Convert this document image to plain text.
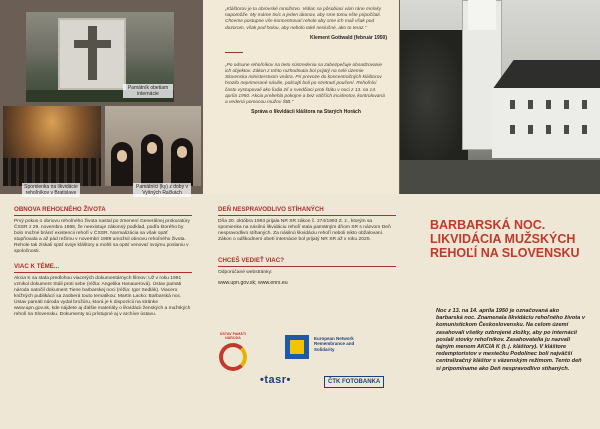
Pamätník obetiam internácie
Spomienka na likvidácie rehoľníkov v Bratislave
Pamätníci (ky) z doby v Vyšných Račkách

„Kláštorov je tu obrovské množstvo. Vidiac sa pôsobiaci vám ráne mnísky napomôže. My máme tisíc a jeden úkonov, aby sme tomu ešte pripočítali. Chceme postupne vše koncentrovať rehole aby sme ich mali však pod dozorom, však pod holou, aby nebolo také neslušné, ako to teraz.“

Klement Gottwald (február 1950)

„Po odsune rehoľníkov na tieto sústredenia sa zabezpečuje obsadzovanie ich objektov. Zákon z tohto rozhodnutia bol prijatý na celé územie Slovenska ministerstvom vnútra. Pri prevoze do koncentračných kláštorov hrozilo neprimerané násilie, policajti boli po stretnutí poučení. Rehoľníci často vystupovali ako ľudia zlí a svedčiaci proti štátu v noci z 13. na 14. apríla 1950. Akcia prebehla pokojne a bez väčších incidentov, kontrolovaná a vedená pomocou mužov ŠtB.“

Správa o likvidácii kláštora na Starých Horách

OBNOVA REHOĽNÉHO ŽIVOTA

Prvý pokus o obnovu rehoľného života nastal po zmenení Generálnej prokuratúry ČSSR z 29. novembra 1968, že neexistuje zákonný podklad, podľa ktorého by bolo možné brániť existencii rehoľí v ČSSR. Normalizácia sa však opäť stupňovala a až pád režimu v novembri 1989 umožnil obnovu rehoľného života. Rehole tak získali späť svoje kláštory a mohli sa opäť venovať svojmu poslaniu v spoločnosti.

VIAC K TÉME...

Akcia K sa stala predlohou viacerých dokumentárnych filmov: Už v roku 1991 vznikol dokument Stáli proti sebe (réžia: Angelika Hanauerová). Ústav pamäti národa natočil dokument Tiene barbarskej noci (réžia: Igor Sedlák). Viacero knižných publikácií sa zaoberá touto tematikou: Martin Lacko: Barbarská noc. Ústav pamäti národa vydal brožúru, ktorá je k dispozícii na stránke www.upn.gov.sk, kde nájdete aj ďalšie materiály o likvidácii ženských a mužských reholí na Slovensku. Dokumenty sú prístupné aj v archíve ústavu.

DEŇ NESPRAVODLIVO STÍHANÝCH

Dňa 20. októbra 1993 prijala NR SR zákon č. 274/1993 Z. z., ktorým sa spomienka na násilnú likvidáciu rehoľí stala pamätným dňom SR s názvom Deň nespravodlivo stíhaných. Za násilnú likvidáciu rehoľí neboli nikto obžalovaní. Zákon o odškodnení obetí internácie bol prijatý NR SR až v roku 2020.

CHCEŠ VEDIEŤ VIAC?

Odporúčané webstránky:

www.upn.gov.sk; www.enrs.eu

ÚSTAV PAMÄTI NÁRODA	European Network Remembrance and Solidarity
•tasr•	ČTK FOTOBANKA
BARBARSKÁ NOC. LIKVIDÁCIA MUŽSKÝCH REHOĽÍ NA SLOVENSKU

Noc z 13. na 14. apríla 1950 je označovaná ako barbarská noc. Znamenala likvidáciu rehoľného života v komunistickom Československu. Na celom území zasahovali všetky ozbrojené zložky, aby po internácii poslali stovky rehoľníkov. Zasahovatelia ju nazvali tajným menom AKCIA K (t. j. kláštory). V kláštore redemptoristov v mestečku Podolínec boli najväčší centralizačný kláštor s väzenským režimom. Tento deň si pripomíname ako Deň nespravodlivo stíhaných.
